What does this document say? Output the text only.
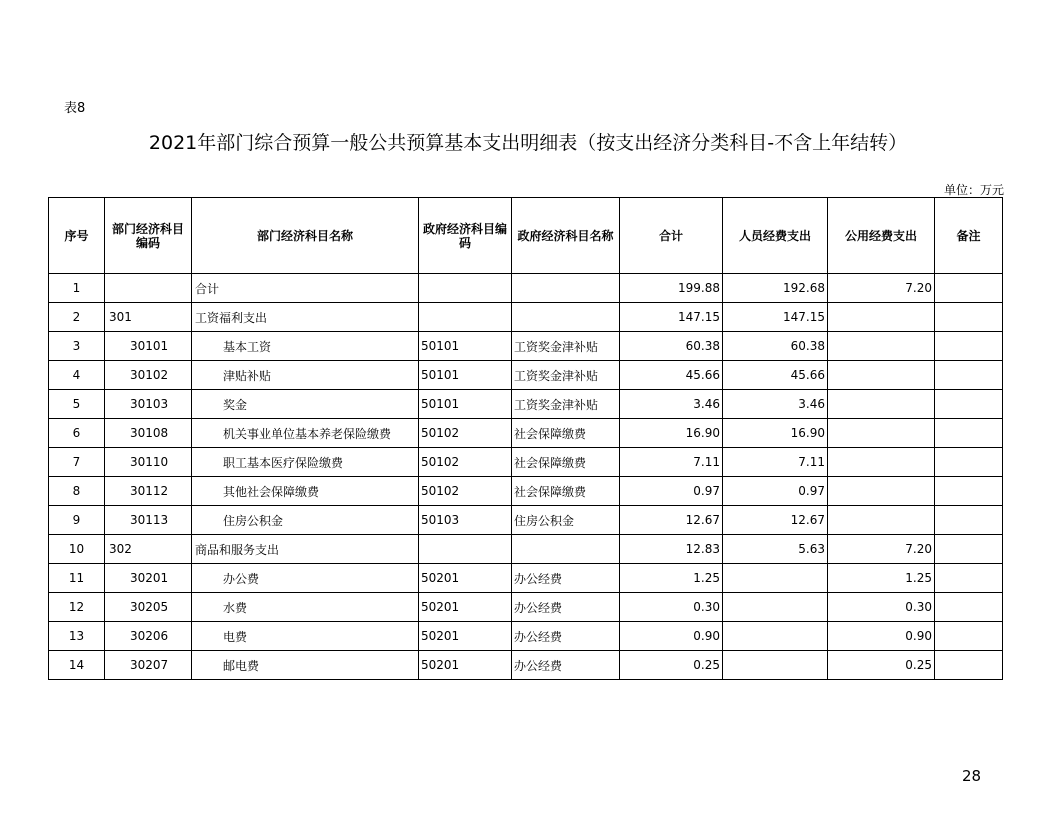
表8
2021年部门综合预算一般公共预算基本支出明细表（按支出经济分类科目-不含上年结转）
单位：万元
序号	部门经济科目编码	部门经济科目名称	政府经济科目编码	政府经济科目名称	合计	人员经费支出	公用经费支出	备注
1		合计			199.88	192.68	7.20	
2	301	工资福利支出			147.15	147.15		
3	30101	基本工资	50101	工资奖金津补贴	60.38	60.38		
4	30102	津贴补贴	50101	工资奖金津补贴	45.66	45.66		
5	30103	奖金	50101	工资奖金津补贴	3.46	3.46		
6	30108	机关事业单位基本养老保险缴费	50102	社会保障缴费	16.90	16.90		
7	30110	职工基本医疗保险缴费	50102	社会保障缴费	7.11	7.11		
8	30112	其他社会保障缴费	50102	社会保障缴费	0.97	0.97		
9	30113	住房公积金	50103	住房公积金	12.67	12.67		
10	302	商品和服务支出			12.83	5.63	7.20	
11	30201	办公费	50201	办公经费	1.25		1.25	
12	30205	水费	50201	办公经费	0.30		0.30	
13	30206	电费	50201	办公经费	0.90		0.90	
14	30207	邮电费	50201	办公经费	0.25		0.25	
28
